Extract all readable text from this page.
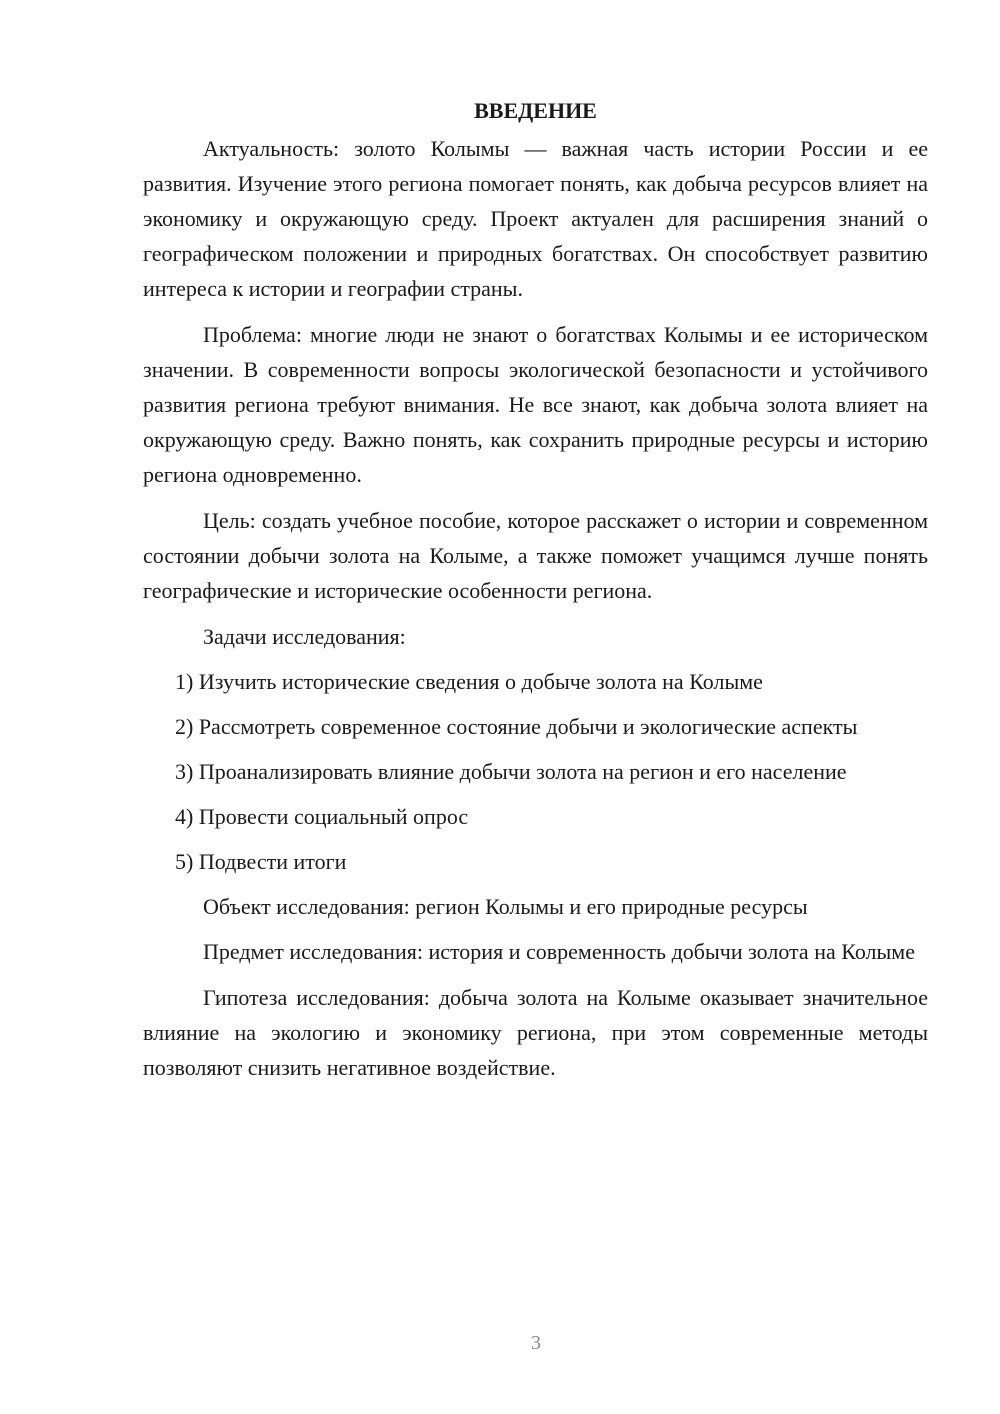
ВВЕДЕНИЕ

Актуальность: золото Колымы — важная часть истории России и ее развития. Изучение этого региона помогает понять, как добыча ресурсов влияет на экономику и окружающую среду. Проект актуален для расширения знаний о географическом положении и природных богатствах. Он способствует развитию интереса к истории и географии страны.

Проблема: многие люди не знают о богатствах Колымы и ее историческом значении. В современности вопросы экологической безопасности и устойчивого развития региона требуют внимания. Не все знают, как добыча золота влияет на окружающую среду. Важно понять, как сохранить природные ресурсы и историю региона одновременно.

Цель: создать учебное пособие, которое расскажет о истории и современном состоянии добычи золота на Колыме, а также поможет учащимся лучше понять географические и исторические особенности региона.

Задачи исследования:

1) Изучить исторические сведения о добыче золота на Колыме

2) Рассмотреть современное состояние добычи и экологические аспекты

3) Проанализировать влияние добычи золота на регион и его население

4) Провести социальный опрос

5) Подвести итоги

Объект исследования: регион Колымы и его природные ресурсы

Предмет исследования: история и современность добычи золота на Колыме

Гипотеза исследования: добыча золота на Колыме оказывает значительное влияние на экологию и экономику региона, при этом современные методы позволяют снизить негативное воздействие.

3
